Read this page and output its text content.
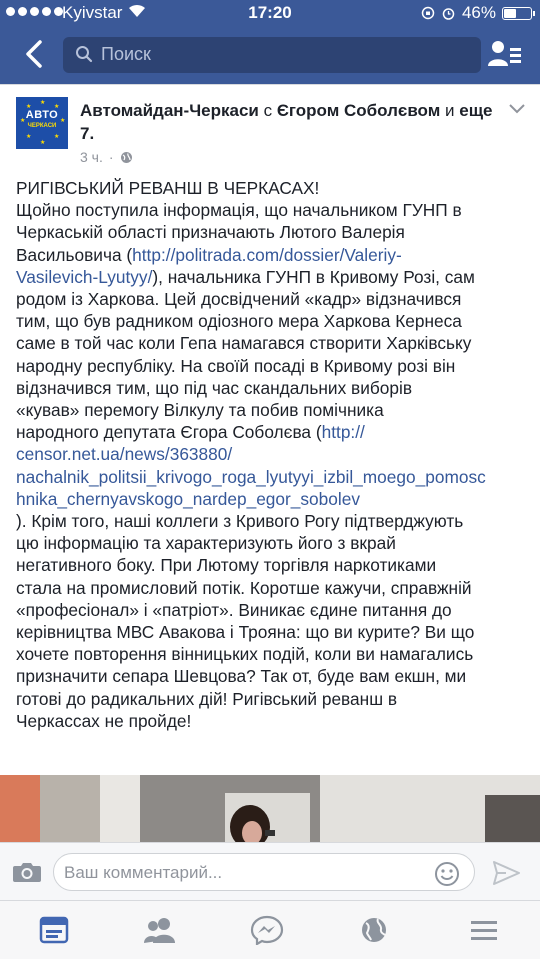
Kyivstar	17:20	46%
Поиск
★
★	★
★	★
★	★
★
АВТО
ЧЕРКАСИ
Автомайдан-Черкаси с Єгором Соболєвом и еще 7.
3 ч. ·

РИГІВСЬКИЙ РЕВАНШ В ЧЕРКАСАХ!

Щойно поступила інформація, що начальником ГУНП в

Черкаській області призначають Лютого Валерія

Васильовича (http://politrada.com/dossier/Valeriy-

Vasilevich-Lyutyy/), начальника ГУНП в Кривому Розі, сам

родом із Харкова. Цей досвідчений «кадр» відзначився

тим, що був радником одіозного мера Харкова Кернеса

саме в той час коли Гепа намагався створити Харківську

народну республіку. На своїй посаді в Кривому розі він

відзначився тим, що під час скандальних виборів

«кував» перемогу Вілкулу та побив помічника

народного депутата Єгора Соболєва (http://

censor.net.ua/news/363880/

nachalnik_politsii_krivogo_roga_lyutyyi_izbil_moego_pomosc

hnika_chernyavskogo_nardep_egor_sobolev

). Крім того, наші коллеги з Кривого Рогу підтверджують

цю інформацію та характеризують його з вкрай

негативного боку. При Лютому торгівля наркотиками

стала на промисловий потік. Коротше кажучи, справжній

«професіонал» і «патріот». Виникає єдине питання до

керівництва МВС Авакова і Трояна: що ви курите? Ви що

хочете повторення вінницьких подій, коли ви намагались

призначити сепара Шевцова? Так от, буде вам екшн, ми

готові до радикальних дій! Ригівський реванш в

Черкассах не пройде!

Ваш комментарий...
